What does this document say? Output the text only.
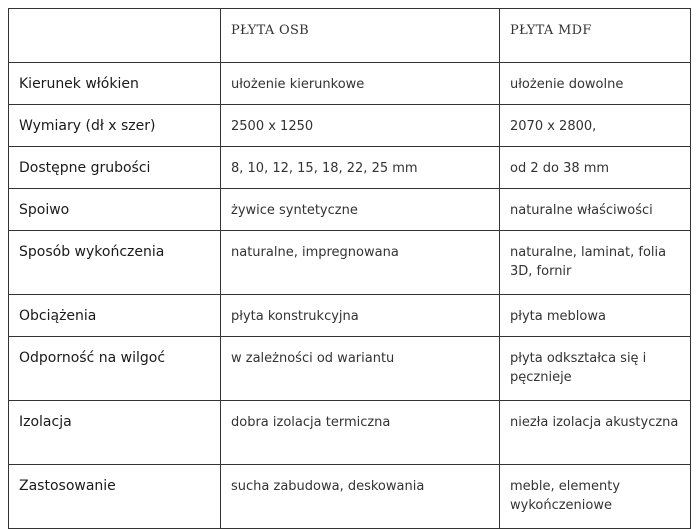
	PŁYTA OSB	PŁYTA MDF
Kierunek włókien	ułożenie kierunkowe	ułożenie dowolne
Wymiary (dł x szer)	2500 x 1250	2070 x 2800,
Dostępne grubości	8, 10, 12, 15, 18, 22, 25 mm	od 2 do 38 mm
Spoiwo	żywice syntetyczne	naturalne właściwości
Sposób wykończenia	naturalne, impregnowana	naturalne, laminat, folia 3D, fornir
Obciążenia	płyta konstrukcyjna	płyta meblowa
Odporność na wilgoć	w zależności od wariantu	płyta odkształca się i pęcznieje
Izolacja	dobra izolacja termiczna	niezła izolacja akustyczna
Zastosowanie	sucha zabudowa, deskowania	meble, elementy wykończeniowe
